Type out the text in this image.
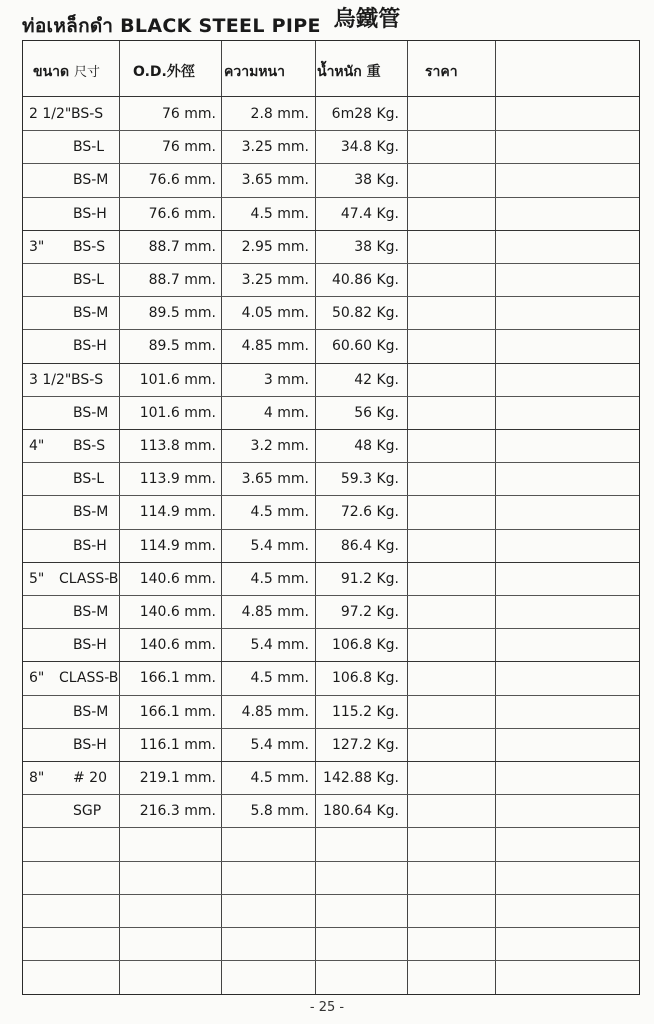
ท่อเหล็กดำ BLACK STEEL PIPE 烏鐵管
ขนาด 尺寸 O.D.外徑 ความหนา น้ำหนัก 重	ราคา
2 1/2" BS-S	76 mm. 2.8 mm. 6m28 Kg.
BS-L	76 mm. 3.25 mm. 34.8 Kg.
BS-M	76.6 mm. 3.65 mm.	38 Kg.
BS-H	76.6 mm. 4.5 mm. 47.4 Kg.
3" BS-S	88.7 mm. 2.95 mm.	38 Kg.
BS-L	88.7 mm. 3.25 mm. 40.86 Kg.
BS-M	89.5 mm. 4.05 mm. 50.82 Kg.
BS-H	89.5 mm. 4.85 mm. 60.60 Kg.
3 1/2" BS-S	101.6 mm.	3 mm.	42 Kg.
BS-M 101.6 mm.	4 mm.	56 Kg.
4" BS-S 113.8 mm. 3.2 mm.	48 Kg.
BS-L	113.9 mm. 3.65 mm. 59.3 Kg.
BS-M 114.9 mm. 4.5 mm. 72.6 Kg.
BS-H 114.9 mm. 5.4 mm. 86.4 Kg.
5" CLASS-B 140.6 mm. 4.5 mm. 91.2 Kg.
BS-M 140.6 mm. 4.85 mm. 97.2 Kg.
BS-H 140.6 mm. 5.4 mm. 106.8 Kg.
6" CLASS-B 166.1 mm. 4.5 mm. 106.8 Kg.
BS-M 166.1 mm. 4.85 mm. 115.2 Kg.
BS-H 116.1 mm. 5.4 mm. 127.2 Kg.
8" # 20 219.1 mm. 4.5 mm. 142.88 Kg.
SGP	216.3 mm. 5.8 mm. 180.64 Kg.
- 25 -
